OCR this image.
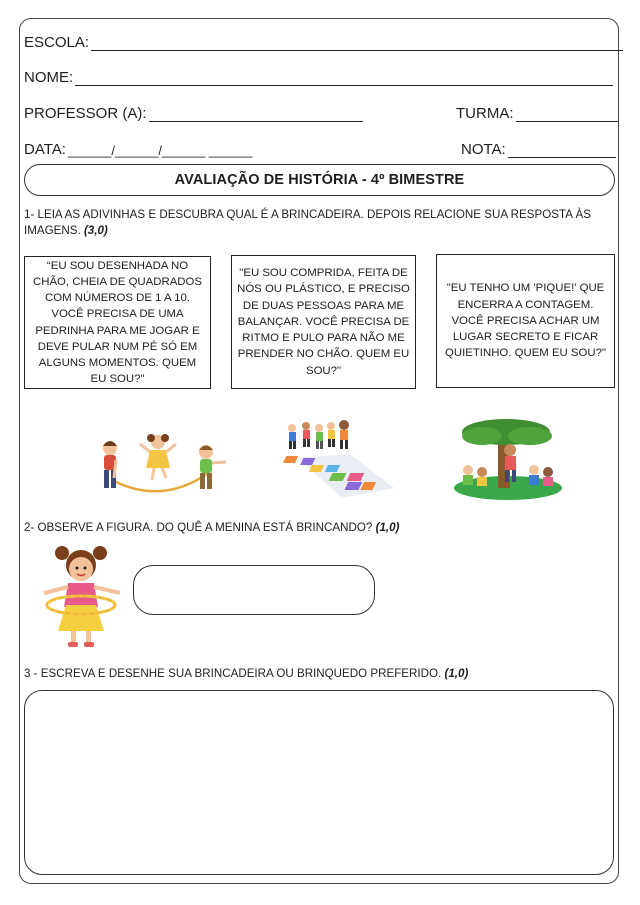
ESCOLA:
NOME:
PROFESSOR (A):	TURMA:
DATA: ______/______/______ ______	NOTA:
AVALIAÇÃO DE HISTÓRIA - 4º BIMESTRE
1- LEIA AS ADIVINHAS E DESCUBRA QUAL É A BRINCADEIRA. DEPOIS RELACIONE SUA RESPOSTA ÀS IMAGENS. (3,0)
“EU SOU DESENHADA NO CHÃO, CHEIA DE QUADRADOS COM NÚMEROS DE 1 A 10. VOCÊ PRECISA DE UMA PEDRINHA PARA ME JOGAR E DEVE PULAR NUM PÉ SÓ EM ALGUNS MOMENTOS. QUEM EU SOU?"
"EU SOU COMPRIDA, FEITA DE NÓS OU PLÁSTICO, E PRECISO DE DUAS PESSOAS PARA ME BALANÇAR. VOCÊ PRECISA DE RITMO E PULO PARA NÃO ME PRENDER NO CHÃO. QUEM EU SOU?"
"EU TENHO UM 'PIQUE!' QUE ENCERRA A CONTAGEM. VOCÊ PRECISA ACHAR UM LUGAR SECRETO E FICAR QUIETINHO. QUEM EU SOU?"
2- OBSERVE A FIGURA. DO QUÊ A MENINA ESTÁ BRINCANDO? (1,0)
3 - ESCREVA E DESENHE SUA BRINCADEIRA OU BRINQUEDO PREFERIDO. (1,0)
